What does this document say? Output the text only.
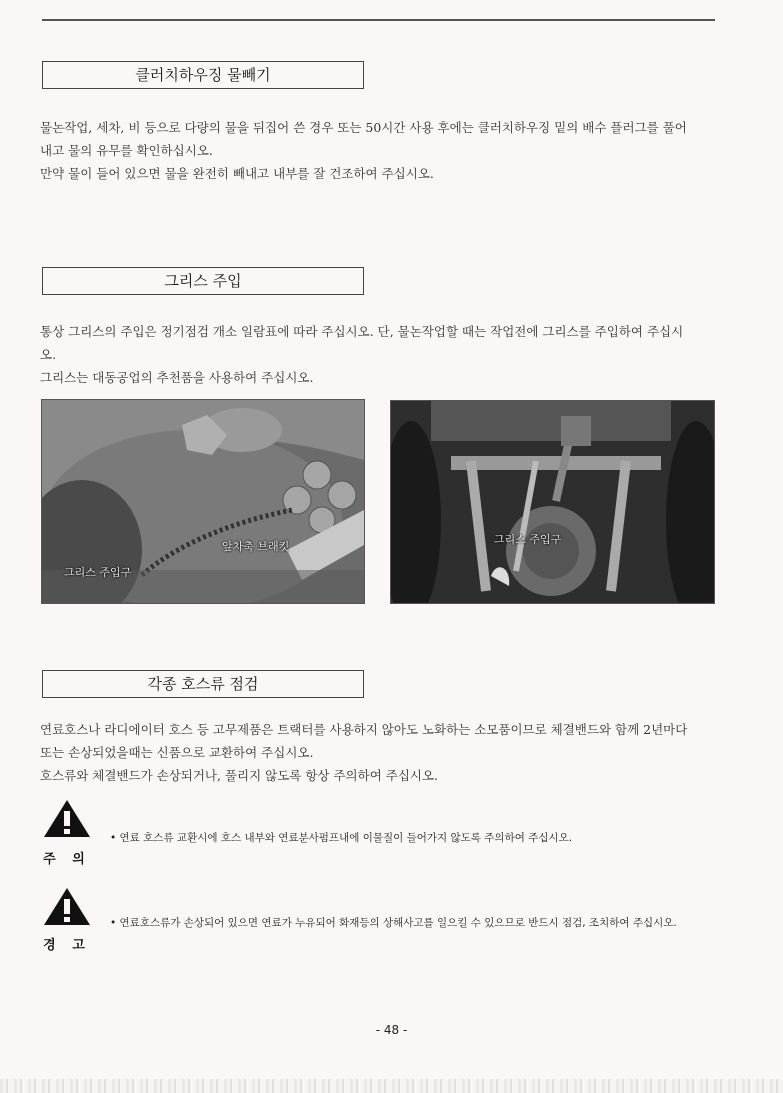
클러치하우징 물빼기

물논작업, 세차, 비 등으로 다량의 물을 뒤집어 쓴 경우 또는 50시간 사용 후에는 클러치하우징 밑의 배수 플러그를 풀어

내고 물의 유무를 확인하십시오.

만약 물이 들어 있으면 물을 완전히 빼내고 내부를 잘 건조하여 주십시오.

그리스 주입

통상 그리스의 주입은 정기점검 개소 일람표에 따라 주십시오. 단, 물논작업할 때는 작업전에 그리스를 주입하여 주십시

오.

그리스는 대동공업의 추천품을 사용하여 주십시오.

앞차축 브래킷
그리스 주입구
그리스 주입구
각종 호스류 점검

연료호스나 라디에이터 호스 등 고무제품은 트랙터를 사용하지 않아도 노화하는 소모품이므로 체결밴드와 함께 2년마다

또는 손상되었을때는 신품으로 교환하여 주십시오.

호스류와 체결밴드가 손상되거나, 풀리지 않도록 항상 주의하여 주십시오.

주 의
• 연료 호스류 교환시에 호스 내부와 연료분사펌프내에 이물질이 들어가지 않도록 주의하여 주십시오.
경 고
• 연료호스류가 손상되어 있으면 연료가 누유되어 화재등의 상해사고를 일으킬 수 있으므로 반드시 점검, 조치하여 주십시오.
- 48 -
